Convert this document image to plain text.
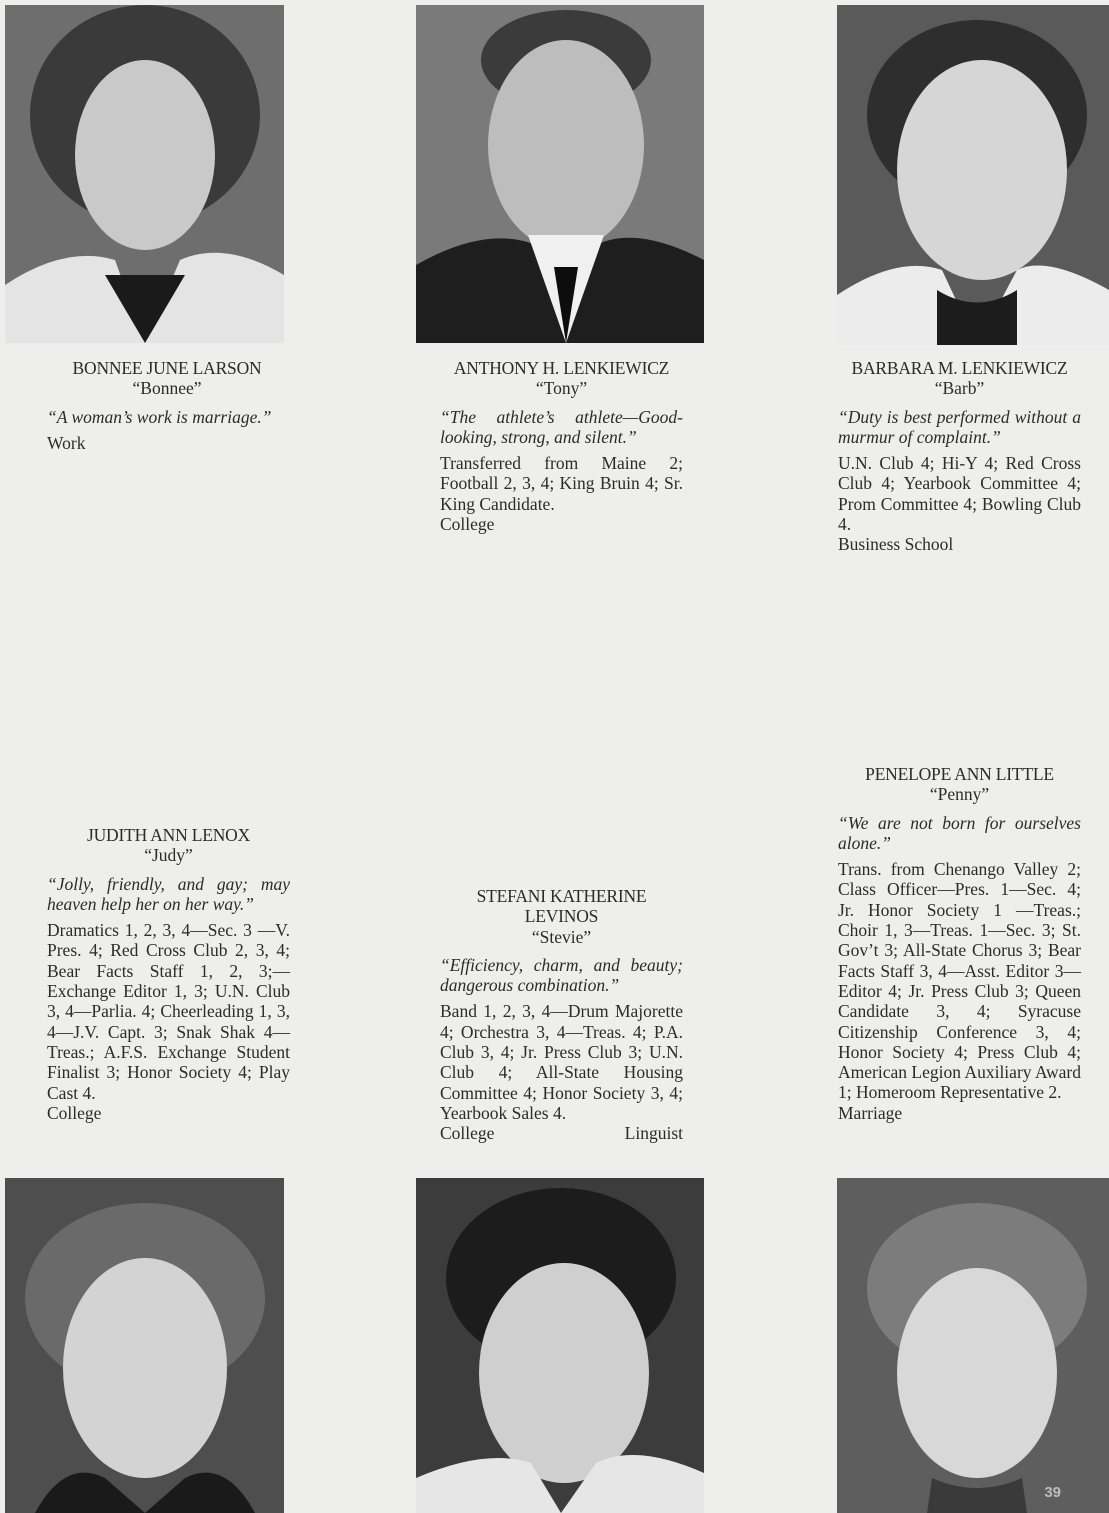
BONNEE JUNE LARSON
“Bonnee”
“A woman’s work is marriage.”
Work
ANTHONY H. LENKIEWICZ
“Tony”
“The athlete’s athlete—Good-looking, strong, and silent.”
Transferred from Maine 2; Football 2, 3, 4; King Bruin 4; Sr. King Candidate.
College
BARBARA M. LENKIEWICZ
“Barb”
“Duty is best performed without a murmur of complaint.”
U.N. Club 4; Hi-Y 4; Red Cross Club 4; Yearbook Committee 4; Prom Committee 4; Bowling Club 4.
Business School
JUDITH ANN LENOX
“Judy”
“Jolly, friendly, and gay; may heaven help her on her way.”
Dramatics 1, 2, 3, 4—Sec. 3 —V. Pres. 4; Red Cross Club 2, 3, 4; Bear Facts Staff 1, 2, 3;—Exchange Editor 1, 3; U.N. Club 3, 4—Parlia. 4; Cheerleading 1, 3, 4—J.V. Capt. 3; Snak Shak 4—Treas.; A.F.S. Exchange Student Finalist 3; Honor Society 4; Play Cast 4.
College
STEFANI KATHERINE LEVINOS
“Stevie”
“Efficiency, charm, and beauty; dangerous combination.”
Band 1, 2, 3, 4—Drum Majorette 4; Orchestra 3, 4—Treas. 4; P.A. Club 3, 4; Jr. Press Club 3; U.N. Club 4; All-State Housing Committee 4; Honor Society 3, 4; Yearbook Sales 4.
College	Linguist
PENELOPE ANN LITTLE
“Penny”
“We are not born for ourselves alone.”
Trans. from Chenango Valley 2; Class Officer—Pres. 1—Sec. 4; Jr. Honor Society 1 —Treas.; Choir 1, 3—Treas. 1—Sec. 3; St. Gov’t 3; All-State Chorus 3; Bear Facts Staff 3, 4—Asst. Editor 3—Editor 4; Jr. Press Club 3; Queen Candidate 3, 4; Syracuse Citizenship Conference 3, 4; Honor Society 4; Press Club 4; American Legion Auxiliary Award 1; Homeroom Representative 2.
Marriage
39
